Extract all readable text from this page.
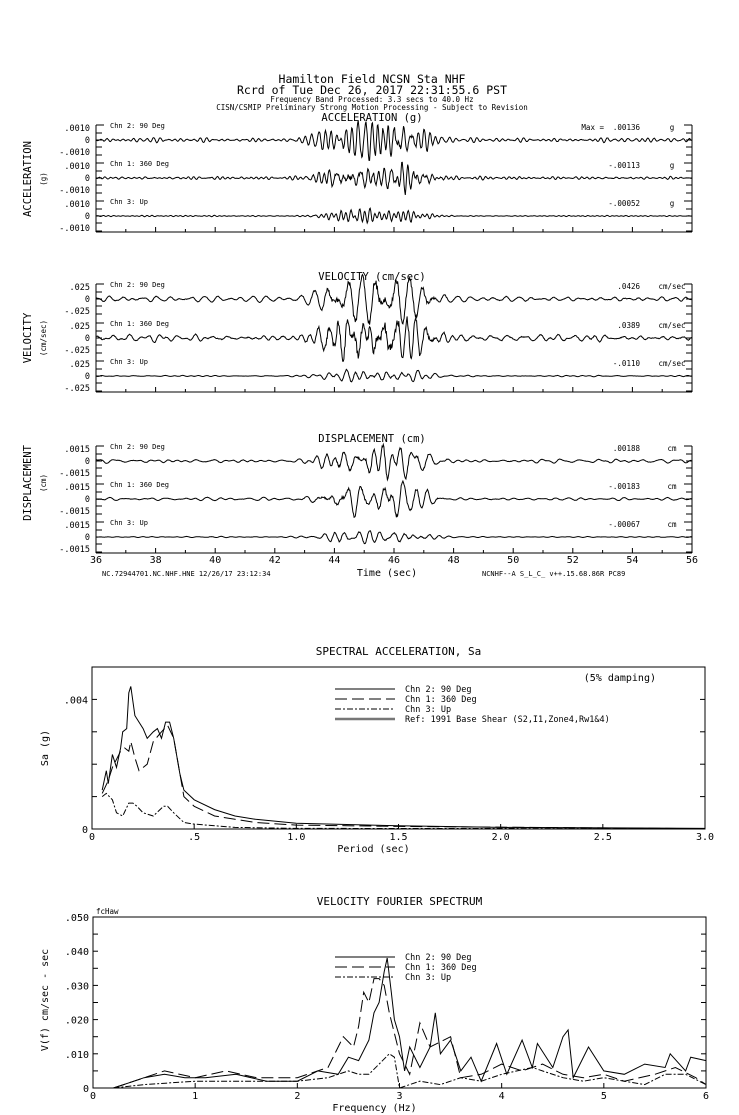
Hamilton Field NCSN Sta NHF
Rcrd of Tue Dec 26, 2017 22:31:55.6 PST
Frequency Band Processed: 3.3 secs to 40.0 Hz
CISN/CSMIP Preliminary Strong Motion Processing - Subject to Revision
ACCELERATION (g)
ACCELERATION (g)
.0010
0
-.0010
Chn 2: 90 Deg	.00136	g
Max =
.0010
0
-.0010
Chn 1: 360 Deg	-.00113	g
.0010
0
-.0010
Chn 3: Up	-.00052	g
VELOCITY (cm/sec)
VELOCITY (cm/sec)
.025
0
-.025
Chn 2: 90 Deg	.0426 cm/sec
.025
0
-.025
Chn 1: 360 Deg	.0389 cm/sec
.025
0
-.025
Chn 3: Up	-.0110 cm/sec
DISPLACEMENT (cm)
DISPLACEMENT (cm)
.0015
0
-.0015
Chn 2: 90 Deg	.00188	cm
.0015
0
-.0015
Chn 1: 360 Deg	-.00183	cm
.0015
0
-.0015
Chn 3: Up	-.00067	cm
36	38	40	42	44	46	48	50	52	54	56
Time (sec)
NC.72944701.NC.NHF.HNE 12/26/17 23:12:34	NCNHF--A S_L_C_ v++.15.68.86R PC89
SPECTRAL ACCELERATION, Sa
0	.5	1.0	1.5	2.0	2.5	3.0
0
.004
Period (sec)
Sa (g)
Chn 2: 90 Deg
Chn 1: 360 Deg
Chn 3: Up
Ref: 1991 Base Shear (S2,I1,Zone4,Rw1&4)
(5% damping)
VELOCITY FOURIER SPECTRUM
0	1	2	3	4	5	6
0
.010
.020
.030
.040
.050
Frequency (Hz)
V(f) cm/sec - sec	Chn 2: 90 Deg
Chn 1: 360 Deg
Chn 3: Up
fcHaw
